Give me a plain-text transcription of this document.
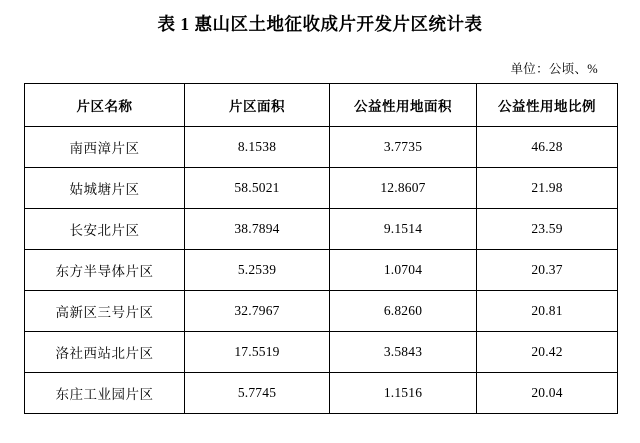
表 1 惠山区土地征收成片开发片区统计表
单位：公顷、%
片区名称	片区面积	公益性用地面积	公益性用地比例
南西漳片区	8.1538	3.7735	46.28
姑城塘片区	58.5021	12.8607	21.98
长安北片区	38.7894	9.1514	23.59
东方半导体片区	5.2539	1.0704	20.37
高新区三号片区	32.7967	6.8260	20.81
洛社西站北片区	17.5519	3.5843	20.42
东庄工业园片区	5.7745	1.1516	20.04
